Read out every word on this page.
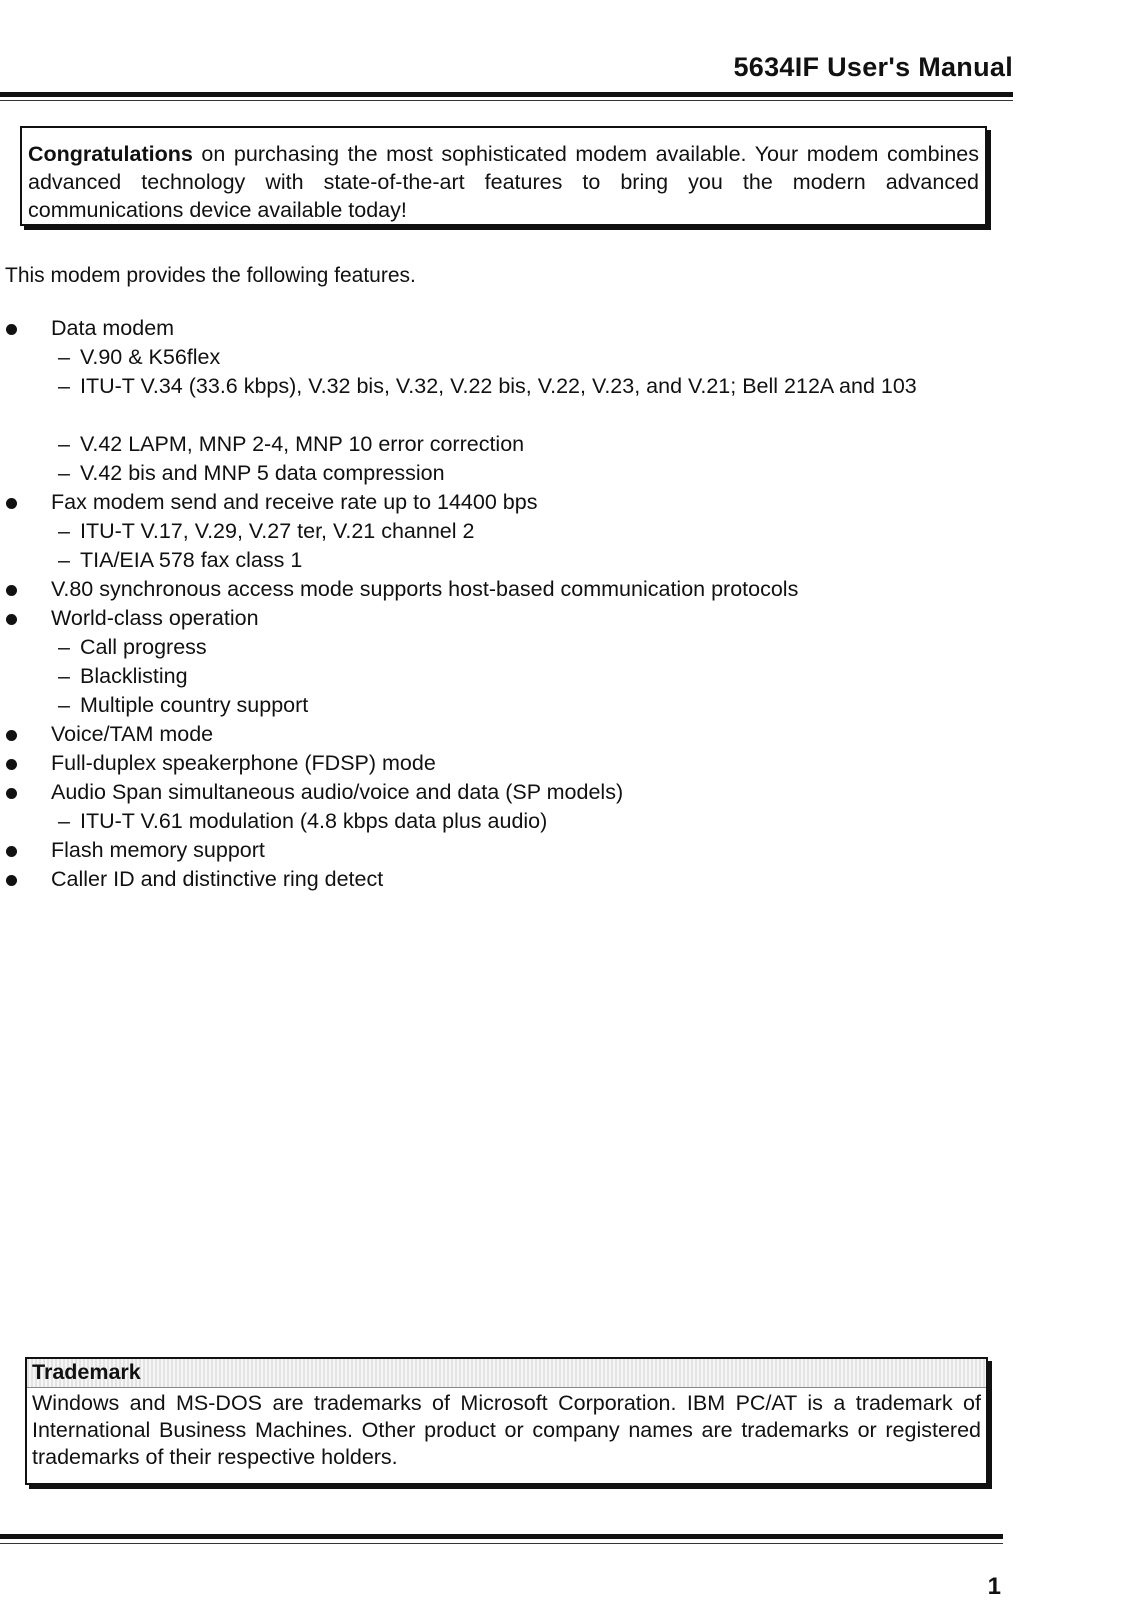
5634IF User's Manual
Congratulations on purchasing the most sophisticated modem available. Your modem combines advanced technology with state-of-the-art features to bring you the modern advanced communications device available today!
This modem provides the following features.
Data modem
– V.90 & K56flex
– ITU-T V.34 (33.6 kbps), V.32 bis, V.32, V.22 bis, V.22, V.23, and V.21; Bell 212A and 103
– V.42 LAPM, MNP 2-4, MNP 10 error correction
– V.42 bis and MNP 5 data compression
Fax modem send and receive rate up to 14400 bps
– ITU-T V.17, V.29, V.27 ter, V.21 channel 2
– TIA/EIA 578 fax class 1
V.80 synchronous access mode supports host-based communication protocols
World-class operation
– Call progress
– Blacklisting
– Multiple country support
Voice/TAM mode
Full-duplex speakerphone (FDSP) mode
Audio Span simultaneous audio/voice and data (SP models)
– ITU-T V.61 modulation (4.8 kbps data plus audio)
Flash memory support
Caller ID and distinctive ring detect
Trademark
Windows and MS-DOS are trademarks of Microsoft Corporation. IBM PC/AT is a trademark of International Business Machines. Other product or company names are trademarks or registered trademarks of their respective holders.
1
